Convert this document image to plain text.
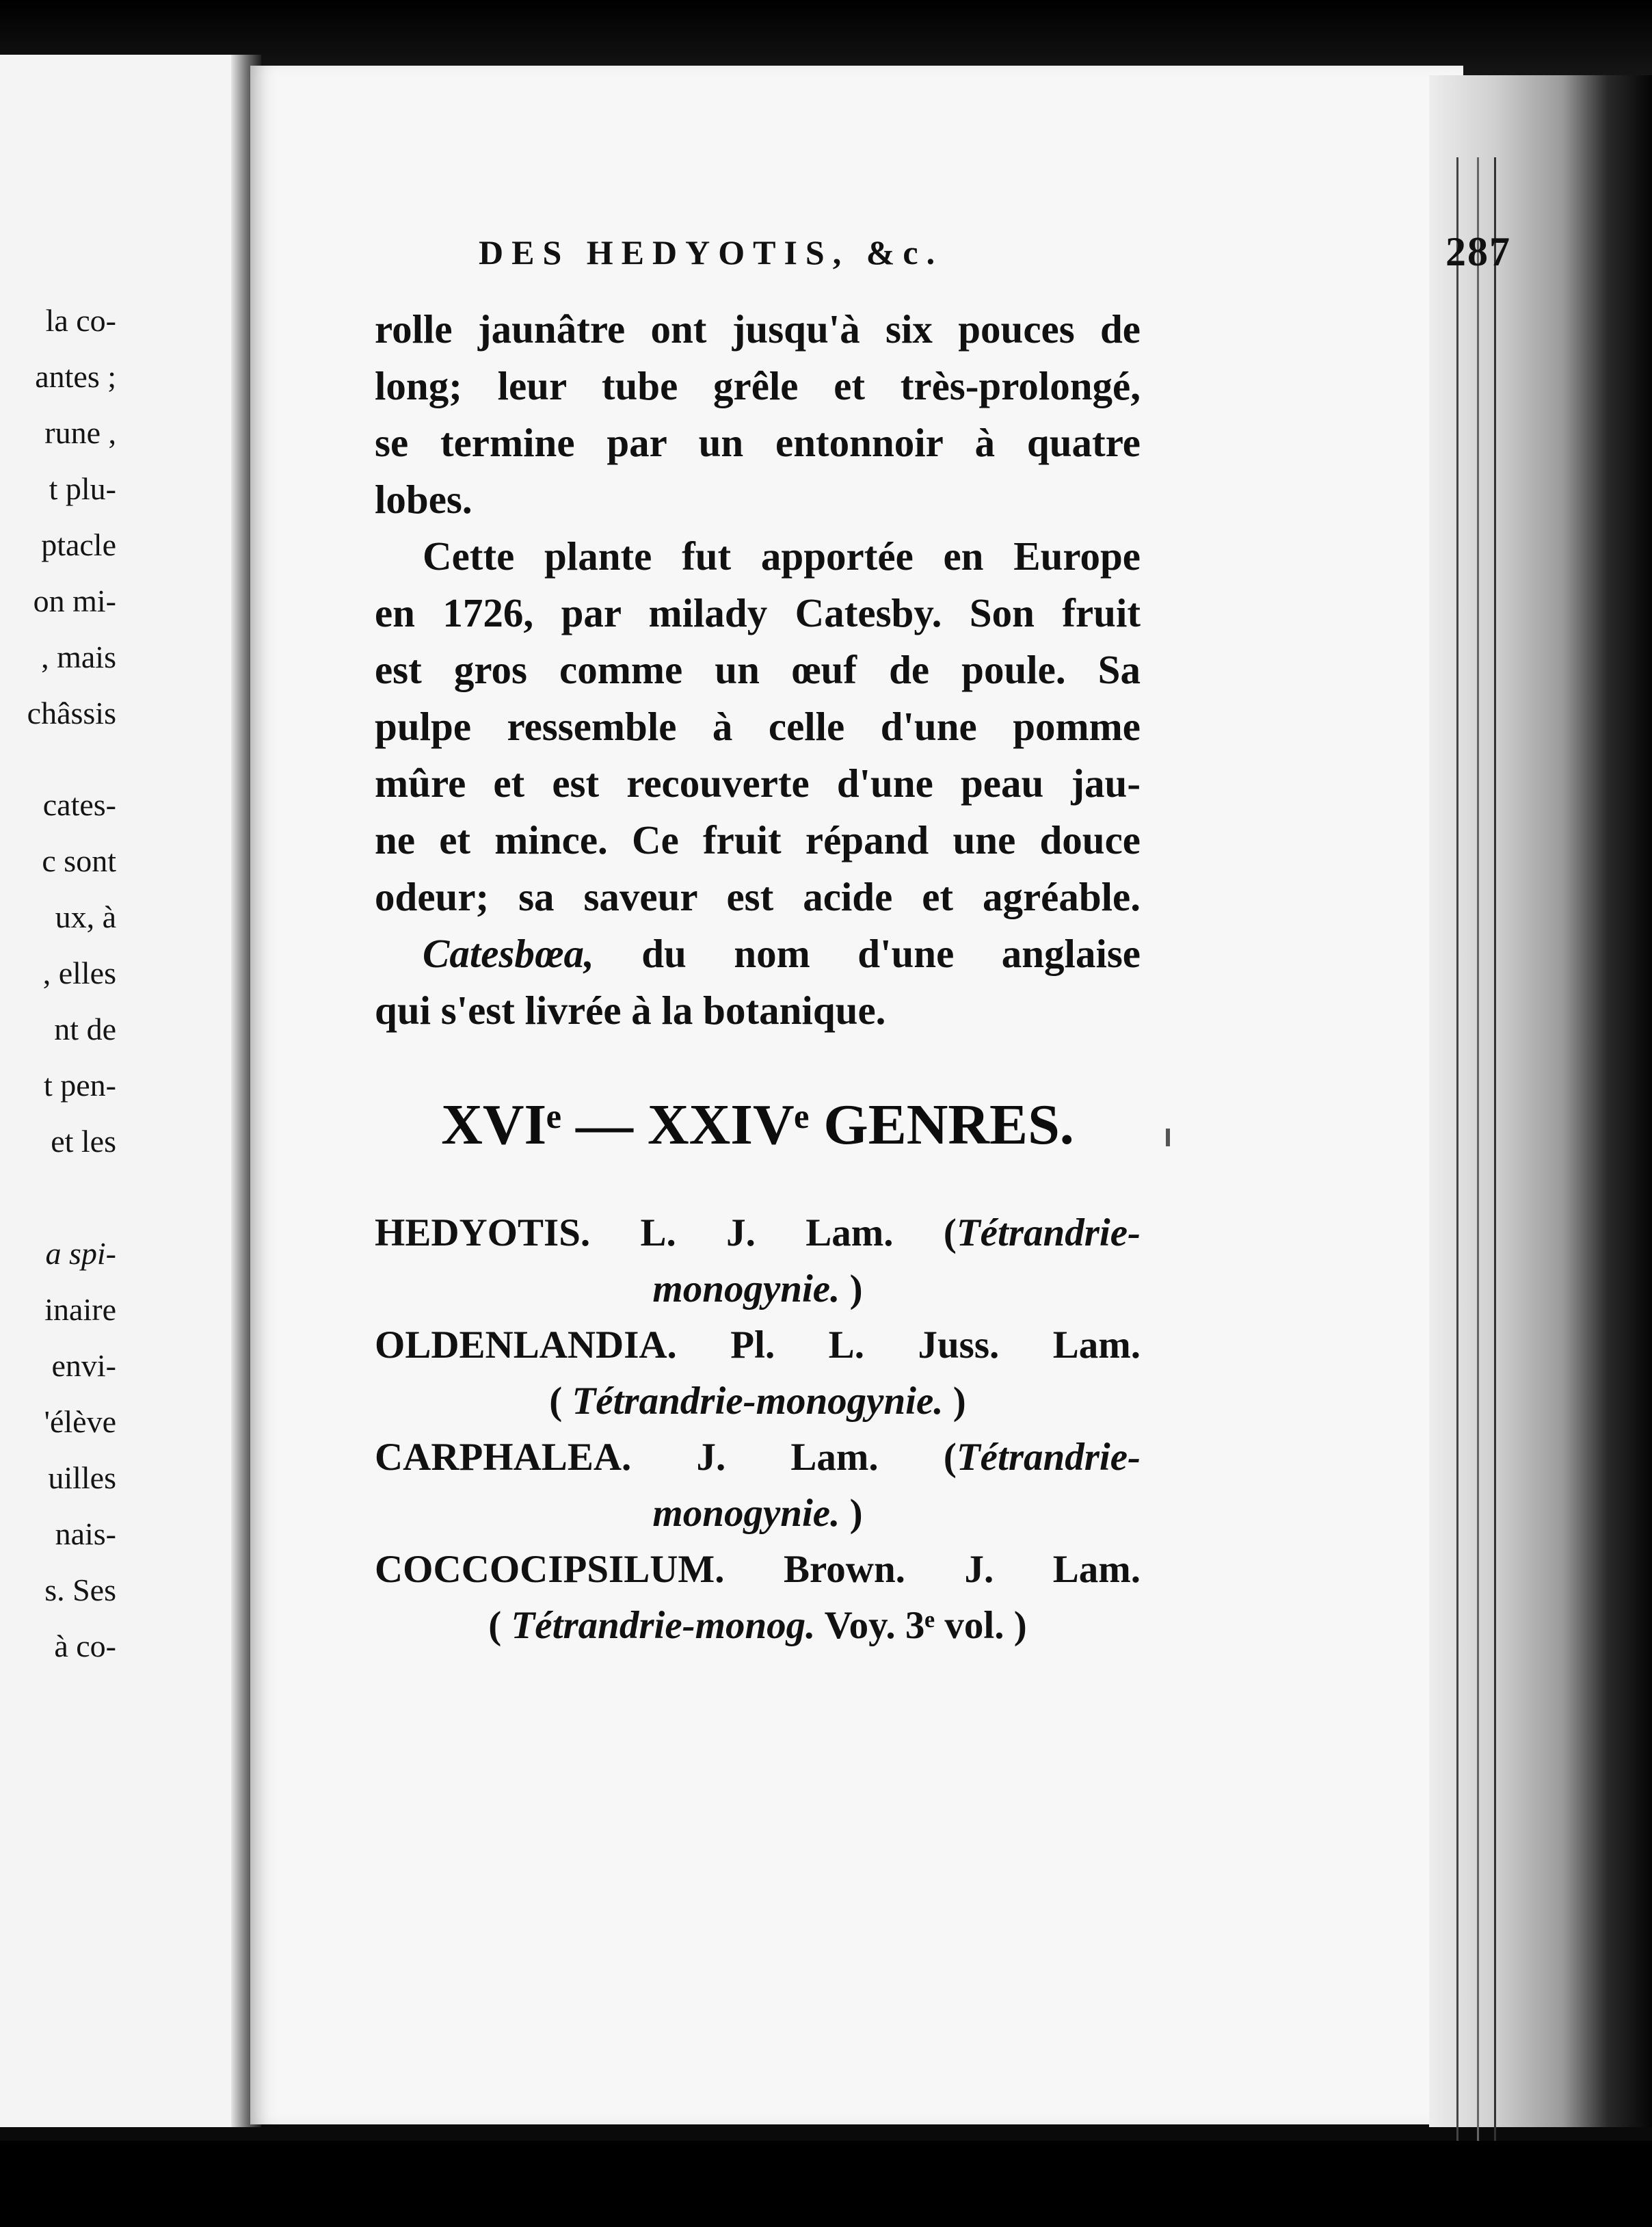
la co-
antes ;
rune ,
t plu-
ptacle
on mi-
, mais
châssis
cates-
c sont
ux, à
, elles
nt de
t pen-
et les
a spi-
inaire
envi-
'élève
uilles
nais-
s. Ses
à co-
DES HEDYOTIS, &c.	287
rolle jaunâtre ont jusqu'à six pouces de
long; leur tube grêle et très-prolongé,
se termine par un entonnoir à quatre
lobes.
Cette plante fut apportée en Europe
en 1726, par milady Catesby. Son fruit
est gros comme un œuf de poule. Sa
pulpe ressemble à celle d'une pomme
mûre et est recouverte d'une peau jau-
ne et mince. Ce fruit répand une douce
odeur; sa saveur est acide et agréable.
Catesbœa, du nom d'une anglaise
qui s'est livrée à la botanique.
XVIᵉ — XXIVᵉ GENRES.
HEDYOTIS. L. J. Lam. (Tétrandrie-
monogynie. )
OLDENLANDIA. Pl. L. Juss. Lam.
( Tétrandrie-monogynie. )
CARPHALEA. J. Lam. (Tétrandrie-
monogynie. )
COCCOCIPSILUM. Brown. J. Lam.
( Tétrandrie-monog. Voy. 3ᵉ vol. )
